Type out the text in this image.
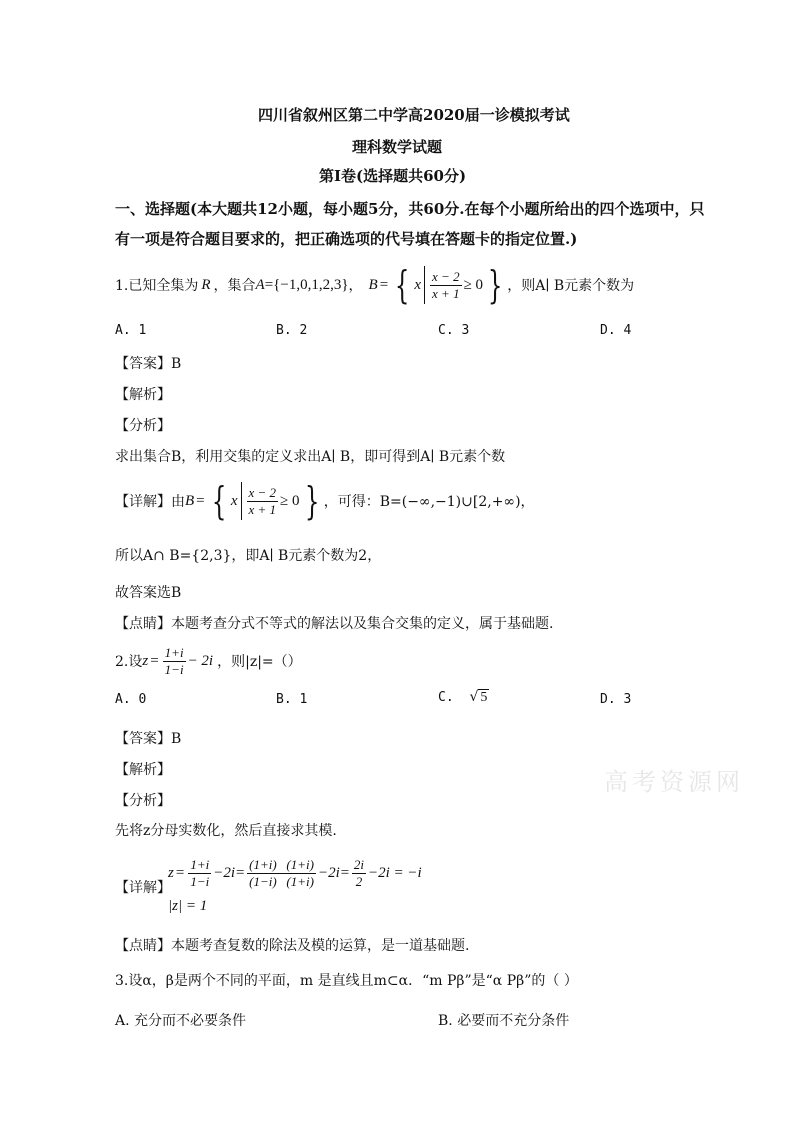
四川省叙州区第二中学高2020届一诊模拟考试
理科数学试题
第I卷(选择题共60分)
一、选择题(本大题共12小题，每小题5分，共60分.在每个小题所给出的四个选项中，只
有一项是符合题目要求的，把正确选项的代号填在答题卡的指定位置.)
1.已知全集为 R ，集合 A ={−1,0,1,2,3} ， B = { x $\frac{x - 2}{x + 1} \ge 0$ } ，则A∣ B元素个数为
A. 1	B. 2	C. 3	D. 4
【答案】B
【解析】
【分析】
求出集合B，利用交集的定义求出A∣ B，即可得到A∣ B元素个数
【详解】由 B = { x $\frac{x - 2}{x + 1} \ge 0$ } ，可得：B=(−∞,−1)∪[2,+∞)，
所以A∩ B={2,3}，即A∣ B元素个数为2，
故答案选B
【点睛】本题考查分式不等式的解法以及集合交集的定义，属于基础题.
2.设 $z = \frac{1+i}{1-i} - 2i$ ，则|z|=（）
A. 0	B. 1	C. √ 5	D. 3
【答案】B
【解析】
【分析】
先将z分母实数化，然后直接求其模.
【详解】
$z = \frac{1+i}{1-i} -2i= \frac{(1+i) (1+i)}{(1-i) (1+i)} -2i= \frac{2i}{2} -2i = -i$
|z| = 1
【点睛】本题考查复数的除法及模的运算，是一道基础题.
3.设α，β是两个不同的平面，m 是直线且m⊂α．“m Pβ”是“α Pβ”的（ ）
A. 充分而不必要条件	B. 必要而不充分条件
高考资源网
